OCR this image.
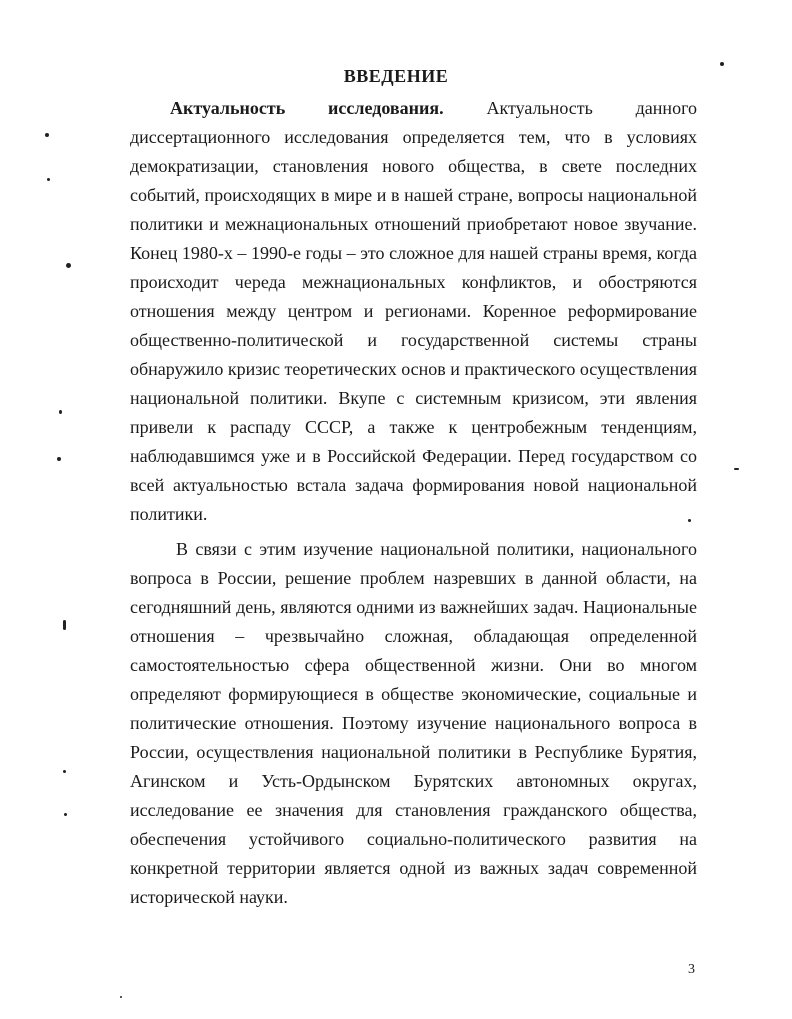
ВВЕДЕНИЕ

Актуальность исследования. Актуальность данного диссертационного исследования определяется тем, что в условиях демократизации, становления нового общества, в свете последних событий, происходящих в мире и в нашей стране, вопросы национальной политики и межнациональных отношений приобретают новое звучание. Конец 1980-х – 1990-е годы – это сложное для нашей страны время, когда происходит череда межнациональных конфликтов, и обостряются отношения между центром и регионами. Коренное реформирование общественно-политической и государственной системы страны обнаружило кризис теоретических основ и практического осуществления национальной политики. Вкупе с системным кризисом, эти явления привели к распаду СССР, а также к центробежным тенденциям, наблюдавшимся уже и в Российской Федерации. Перед государством со всей актуальностью встала задача формирования новой национальной политики.

В связи с этим изучение национальной политики, национального вопроса в России, решение проблем назревших в данной области, на сегодняшний день, являются одними из важнейших задач. Национальные отношения – чрезвычайно сложная, обладающая определенной самостоятельностью сфера общественной жизни. Они во многом определяют формирующиеся в обществе экономические, социальные и политические отношения. Поэтому изучение национального вопроса в России, осуществления национальной политики в Республике Бурятия, Агинском и Усть-Ордынском Бурятских автономных округах, исследование ее значения для становления гражданского общества, обеспечения устойчивого социально-политического развития на конкретной территории является одной из важных задач современной исторической науки.

3
